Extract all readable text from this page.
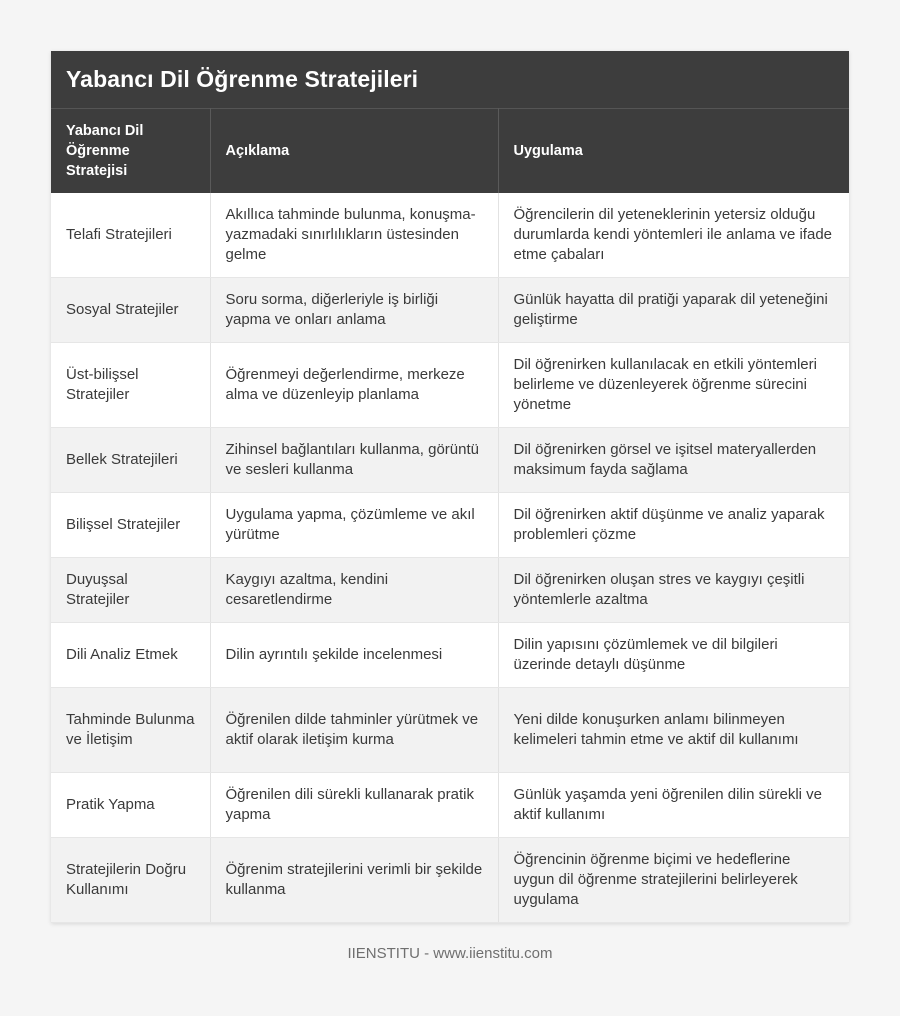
Yabancı Dil Öğrenme Stratejileri
Yabancı Dil Öğrenme Stratejisi	Açıklama	Uygulama
Telafi Stratejileri	Akıllıca tahminde bulunma, konuşma-yazmadaki sınırlılıkların üstesinden gelme	Öğrencilerin dil yeteneklerinin yetersiz olduğu durumlarda kendi yöntemleri ile anlama ve ifade etme çabaları
Sosyal Stratejiler	Soru sorma, diğerleriyle iş birliği yapma ve onları anlama	Günlük hayatta dil pratiği yaparak dil yeteneğini geliştirme
Üst-bilişsel Stratejiler	Öğrenmeyi değerlendirme, merkeze alma ve düzenleyip planlama	Dil öğrenirken kullanılacak en etkili yöntemleri belirleme ve düzenleyerek öğrenme sürecini yönetme
Bellek Stratejileri	Zihinsel bağlantıları kullanma, görüntü ve sesleri kullanma	Dil öğrenirken görsel ve işitsel materyallerden maksimum fayda sağlama
Bilişsel Stratejiler	Uygulama yapma, çözümleme ve akıl yürütme	Dil öğrenirken aktif düşünme ve analiz yaparak problemleri çözme
Duyuşsal Stratejiler	Kaygıyı azaltma, kendini cesaretlendirme	Dil öğrenirken oluşan stres ve kaygıyı çeşitli yöntemlerle azaltma
Dili Analiz Etmek	Dilin ayrıntılı şekilde incelenmesi	Dilin yapısını çözümlemek ve dil bilgileri üzerinde detaylı düşünme
Tahminde Bulunma ve İletişim	Öğrenilen dilde tahminler yürütmek ve aktif olarak iletişim kurma	Yeni dilde konuşurken anlamı bilinmeyen kelimeleri tahmin etme ve aktif dil kullanımı
Pratik Yapma	Öğrenilen dili sürekli kullanarak pratik yapma	Günlük yaşamda yeni öğrenilen dilin sürekli ve aktif kullanımı
Stratejilerin Doğru Kullanımı	Öğrenim stratejilerini verimli bir şekilde kullanma	Öğrencinin öğrenme biçimi ve hedeflerine uygun dil öğrenme stratejilerini belirleyerek uygulama
IIENSTITU - www.iienstitu.com
